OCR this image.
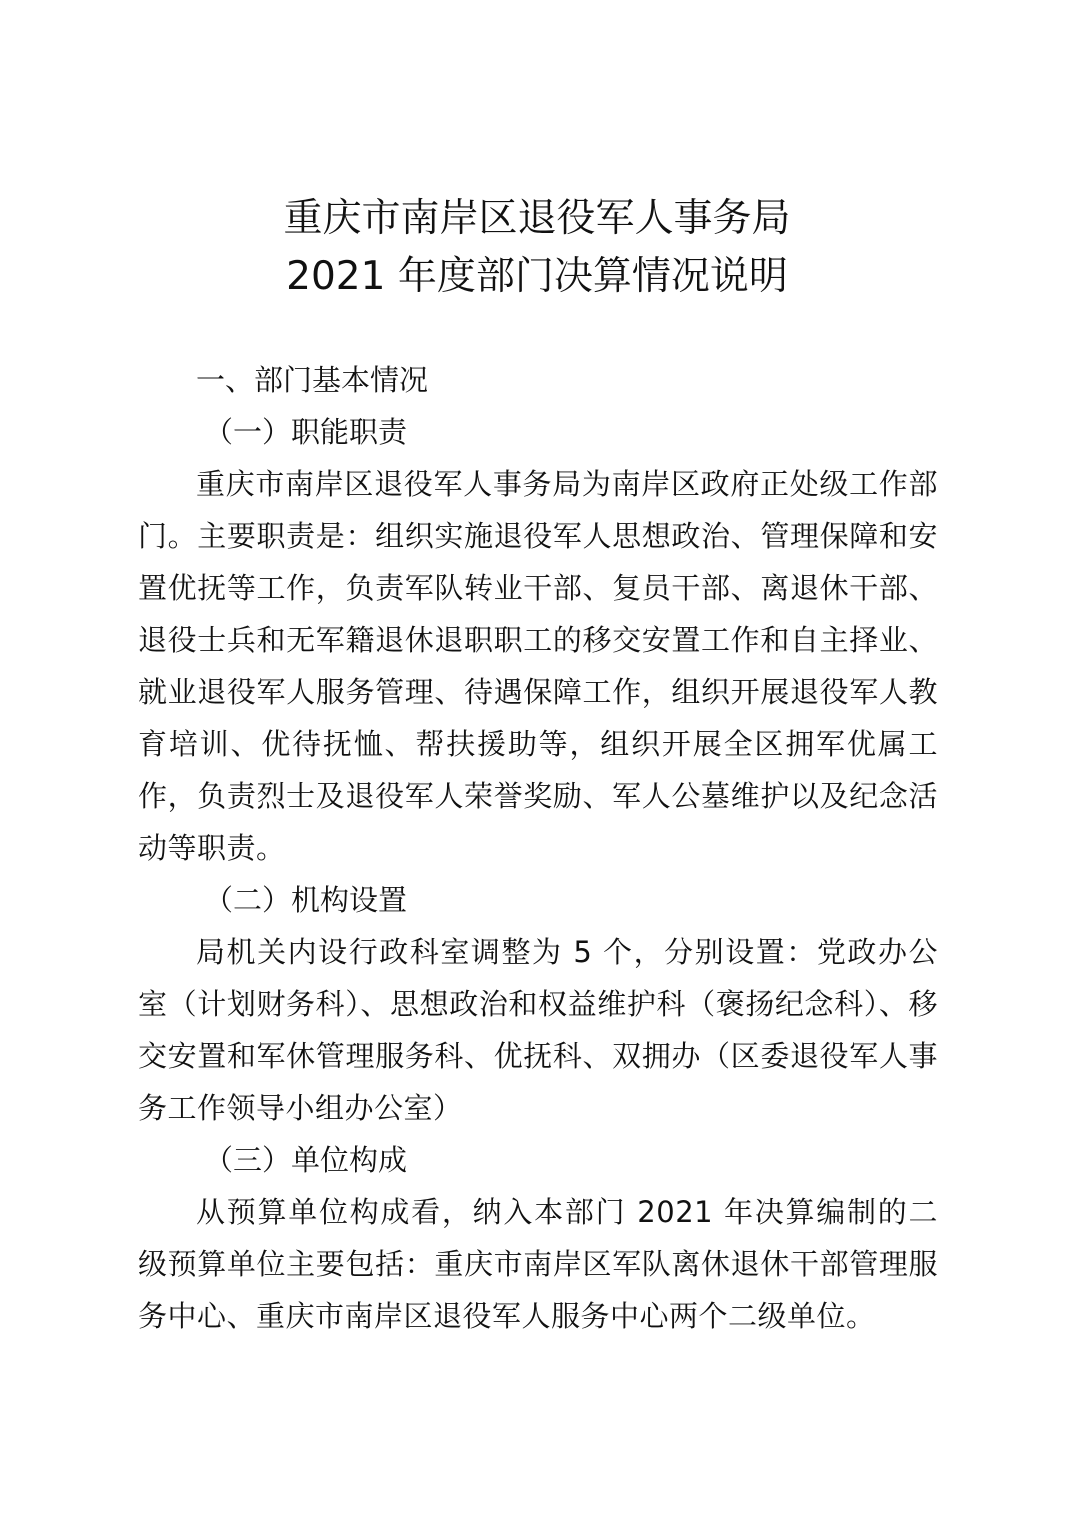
重庆市南岸区退役军人事务局
2021 年度部门决算情况说明
一、部门基本情况
（一）职能职责

重庆市南岸区退役军人事务局为南岸区政府正处级工作部门。主要职责是：组织实施退役军人思想政治、管理保障和安置优抚等工作，负责军队转业干部、复员干部、离退休干部、退役士兵和无军籍退休退职职工的移交安置工作和自主择业、就业退役军人服务管理、待遇保障工作，组织开展退役军人教育培训、优待抚恤、帮扶援助等，组织开展全区拥军优属工作，负责烈士及退役军人荣誉奖励、军人公墓维护以及纪念活动等职责。

（二）机构设置

局机关内设行政科室调整为 5 个，分别设置：党政办公室（计划财务科）、思想政治和权益维护科（褒扬纪念科）、移交安置和军休管理服务科、优抚科、双拥办（区委退役军人事务工作领导小组办公室）

（三）单位构成

从预算单位构成看，纳入本部门 2021 年决算编制的二级预算单位主要包括：重庆市南岸区军队离休退休干部管理服务中心、重庆市南岸区退役军人服务中心两个二级单位。
